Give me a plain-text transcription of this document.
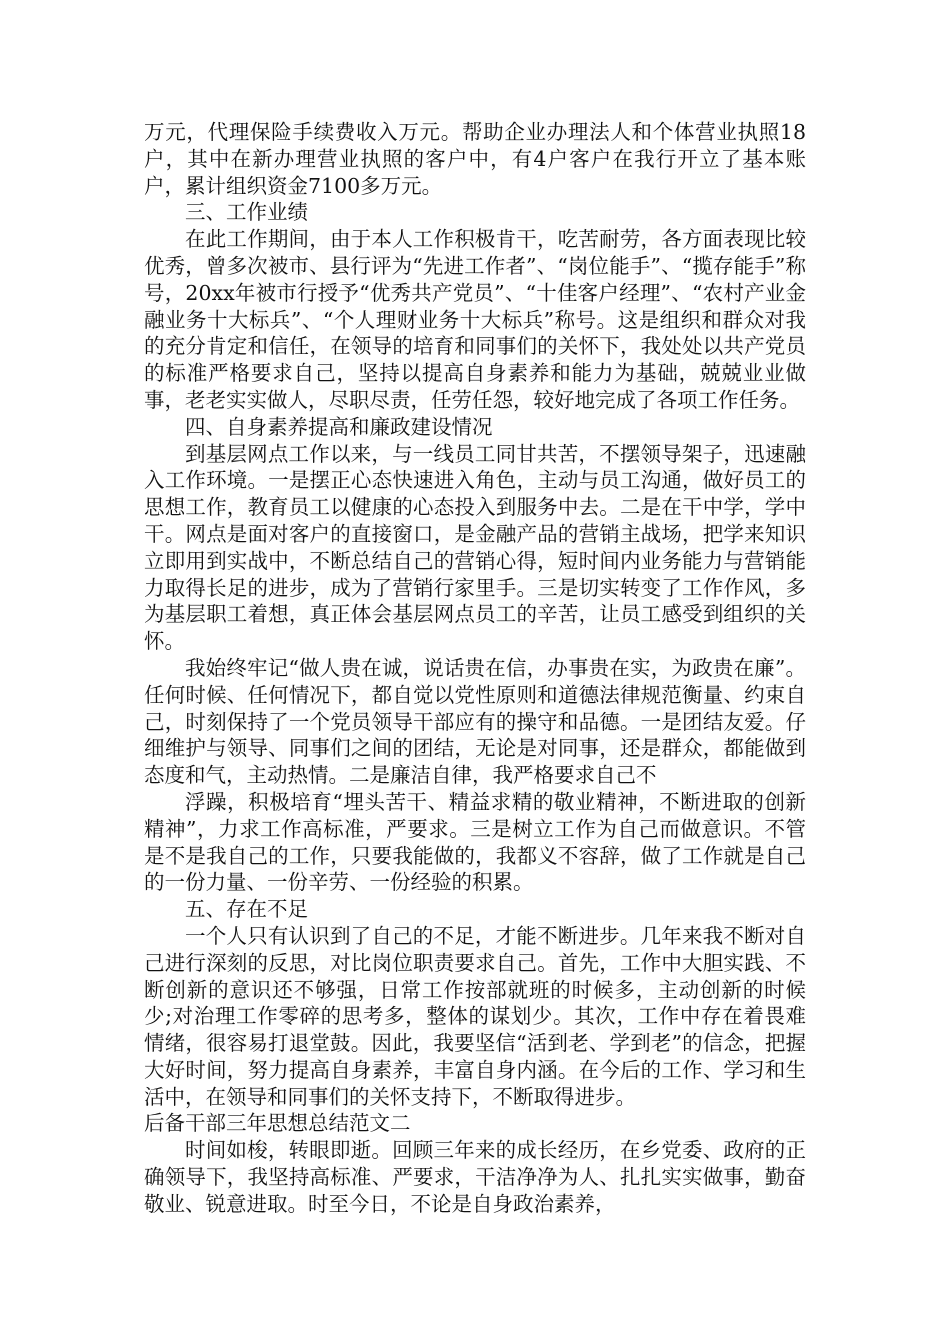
万元，代理保险手续费收入万元。帮助企业办理法人和个体营业执照18户，其中在新办理营业执照的客户中，有4户客户在我行开立了基本账户，累计组织资金7100多万元。

三、工作业绩

在此工作期间，由于本人工作积极肯干，吃苦耐劳，各方面表现比较优秀，曾多次被市、县行评为“先进工作者”、“岗位能手”、“揽存能手”称号，20xx年被市行授予“优秀共产党员”、“十佳客户经理”、“农村产业金融业务十大标兵”、“个人理财业务十大标兵”称号。这是组织和群众对我的充分肯定和信任，在领导的培育和同事们的关怀下，我处处以共产党员的标准严格要求自己，坚持以提高自身素养和能力为基础，兢兢业业做事，老老实实做人，尽职尽责，任劳任怨，较好地完成了各项工作任务。

四、自身素养提高和廉政建设情况

到基层网点工作以来，与一线员工同甘共苦，不摆领导架子，迅速融入工作环境。一是摆正心态快速进入角色，主动与员工沟通，做好员工的思想工作，教育员工以健康的心态投入到服务中去。二是在干中学，学中干。网点是面对客户的直接窗口，是金融产品的营销主战场，把学来知识立即用到实战中，不断总结自己的营销心得，短时间内业务能力与营销能力取得长足的进步，成为了营销行家里手。三是切实转变了工作作风，多为基层职工着想，真正体会基层网点员工的辛苦，让员工感受到组织的关怀。

我始终牢记“做人贵在诚，说话贵在信，办事贵在实，为政贵在廉”。任何时候、任何情况下，都自觉以党性原则和道德法律规范衡量、约束自己，时刻保持了一个党员领导干部应有的操守和品德。一是团结友爱。仔细维护与领导、同事们之间的团结，无论是对同事，还是群众，都能做到态度和气，主动热情。二是廉洁自律，我严格要求自己不

浮躁，积极培育“埋头苦干、精益求精的敬业精神，不断进取的创新精神”，力求工作高标准，严要求。三是树立工作为自己而做意识。不管是不是我自己的工作，只要我能做的，我都义不容辞，做了工作就是自己的一份力量、一份辛劳、一份经验的积累。

五、存在不足

一个人只有认识到了自己的不足，才能不断进步。几年来我不断对自己进行深刻的反思，对比岗位职责要求自己。首先，工作中大胆实践、不断创新的意识还不够强，日常工作按部就班的时候多，主动创新的时候少;对治理工作零碎的思考多，整体的谋划少。其次，工作中存在着畏难情绪，很容易打退堂鼓。因此，我要坚信“活到老、学到老”的信念，把握大好时间，努力提高自身素养，丰富自身内涵。在今后的工作、学习和生活中，在领导和同事们的关怀支持下，不断取得进步。

后备干部三年思想总结范文二

时间如梭，转眼即逝。回顾三年来的成长经历，在乡党委、政府的正确领导下，我坚持高标准、严要求，干洁净净为人、扎扎实实做事，勤奋敬业、锐意进取。时至今日，不论是自身政治素养，
